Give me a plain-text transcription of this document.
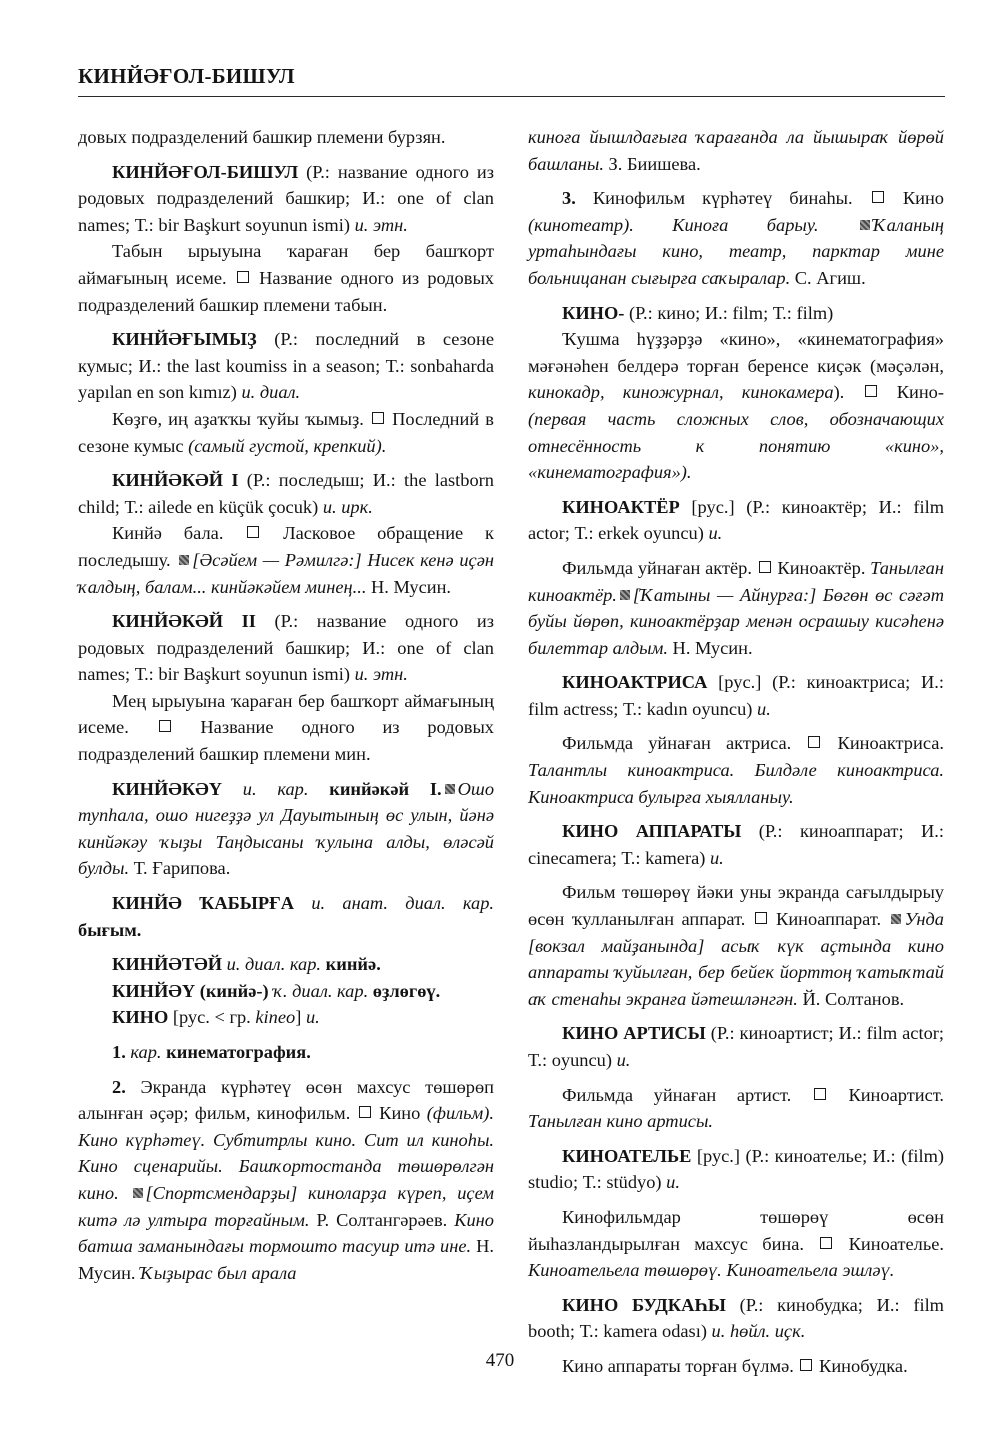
КИНЙӘҒОЛ-БИШУЛ

довых подразделений башкир племени бурзян.

КИНЙӘҒОЛ-БИШУЛ (Р.: название одного из родовых подразделений башкир; И.: one of clan names; Т.: bir Başkurt soyunun ismi) и. этн.

Табын ырыуына ҡараған бер башҡорт аймағының исеме.  Название одного из родовых подразделений башкир племени табын.

КИНЙӘҒЫМЫҘ (Р.: последний в сезоне кумыс; И.: the last koumiss in a season; Т.: sonbaharda yapılan en son kımız) и. диал.

Көҙгө, иң аҙаҡҡы ҡуйы ҡымыҙ.  Последний в сезоне кумыс (самый густой, крепкий).

КИНЙӘКӘЙ I (Р.: последыш; И.: the lastborn child; Т.: ailede en küçük çocuk) и. ирк.

Кинйә бала.  Ласковое обращение к последышу. [Әсәйем — Рәмилгә:] Нисек кенә иҫән ҡалдың, балам... кинйәкәйем минең... Н. Мусин.

КИНЙӘКӘЙ II (Р.: название одного из родовых подразделений башкир; И.: one of clan names; Т.: bir Başkurt soyunun ismi) и. этн.

Мең ырыуына ҡараған бер башҡорт аймағының исеме.  Название одного из родовых подразделений башкир племени мин.

КИНЙӘКӘҮ и. кар. кинйәкәй I. Ошо тупһала, ошо нигеҙҙә ул Дауытының өс улын, йәнә кинйәкәу ҡыҙы Таңдысаны ҡулына алды, өләсәй булды. Т. Ғарипова.

КИНЙӘ ҠАБЫРҒА и. анат. диал. кар. бығым.

КИНЙӘТӘЙ и. диал. кар. кинйә.

КИНЙӘҮ (кинйә-) ҡ. диал. кар. өҙлөгөү.

КИНО [рус. < гр. kineo] и.

1. кар. кинематография.

2. Экранда күрһәтеү өсөн махсус төшөрөп алынған әҫәр; фильм, кинофильм.  Кино (фильм). Кино күрһәтеү. Субтитрлы кино. Сит ил киноһы. Кино сценарийы. Башҡортостанда төшөрөлгән кино. [Спортсмендарҙы] киноларҙа күреп, иҫем китә лә ултыра торғайным. Р. Солтангәрәев. Кино батша заманындағы тормошто тасуир итә ине. Н. Мусин. Ҡыҙырас был арала

киноға йышлдағыға ҡарағанда ла йышыраҡ йөрөй башланы. З. Биишева.

3. Кинофильм күрһәтеү бинаһы.  Кино (кинотеатр). Киноға барыу. Ҡаланың уртаһындағы кино, театр, парктар мине больницанан сығырға саҡыралар. С. Агиш.

КИНО- (Р.: кино; И.: film; Т.: film)

Ҡушма һүҙҙәрҙә «кино», «кинематография» мәғәнәһен белдерә торған беренсе киҫәк (мәҫәлән, кинокадр, киножурнал, кинокамера).  Кино- (первая часть сложных слов, обозначающих отнесённость к понятию «кино», «кинематография»).

КИНОАКТЁР [рус.] (Р.: киноактёр; И.: film actor; Т.: erkek oyuncu) и.

Фильмда уйнаған актёр.  Киноактёр. Танылған киноактёр. [Ҡатыны — Айнурға:] Бөгөн өс сәғәт буйы йөрөп, киноактёрҙар менән осрашыу кисәһенә билеттар алдым. Н. Мусин.

КИНОАКТРИСА [рус.] (Р.: киноактриса; И.: film actress; Т.: kadın oyuncu) и.

Фильмда уйнаған актриса.  Киноактриса. Талантлы киноактриса. Билдәле киноактриса. Киноактриса булырға хыялланыу.

КИНО АППАРАТЫ (Р.: киноаппарат; И.: cinecamera; Т.: kamera) и.

Фильм төшөрөү йәки уны экранда сағылдырыу өсөн ҡулланылған аппарат.  Киноаппарат. Унда [вокзал майҙанында] асыҡ күк аҫтында кино аппараты ҡуйылған, бер бейек йорттоң ҡатыҡтай аҡ стенаһы экранға йәтешләнгән. Й. Солтанов.

КИНО АРТИСЫ (Р.: киноартист; И.: film actor; Т.: oyuncu) и.

Фильмда уйнаған артист.  Киноартист. Танылған кино артисы.

КИНОАТЕЛЬЕ [рус.] (Р.: киноателье; И.: (film) studio; Т.: stüdyo) и.

Кинофильмдар төшөрөү өсөн йыһазландырылған махсус бина.  Киноателье. Киноательела төшөрөү. Киноательела эшләү.

КИНО БУДКАҺЫ (Р.: кинобудка; И.: film booth; Т.: kamera odası) и. һөйл. иҫк.

Кино аппараты торған бүлмә.  Кинобудка.

470
